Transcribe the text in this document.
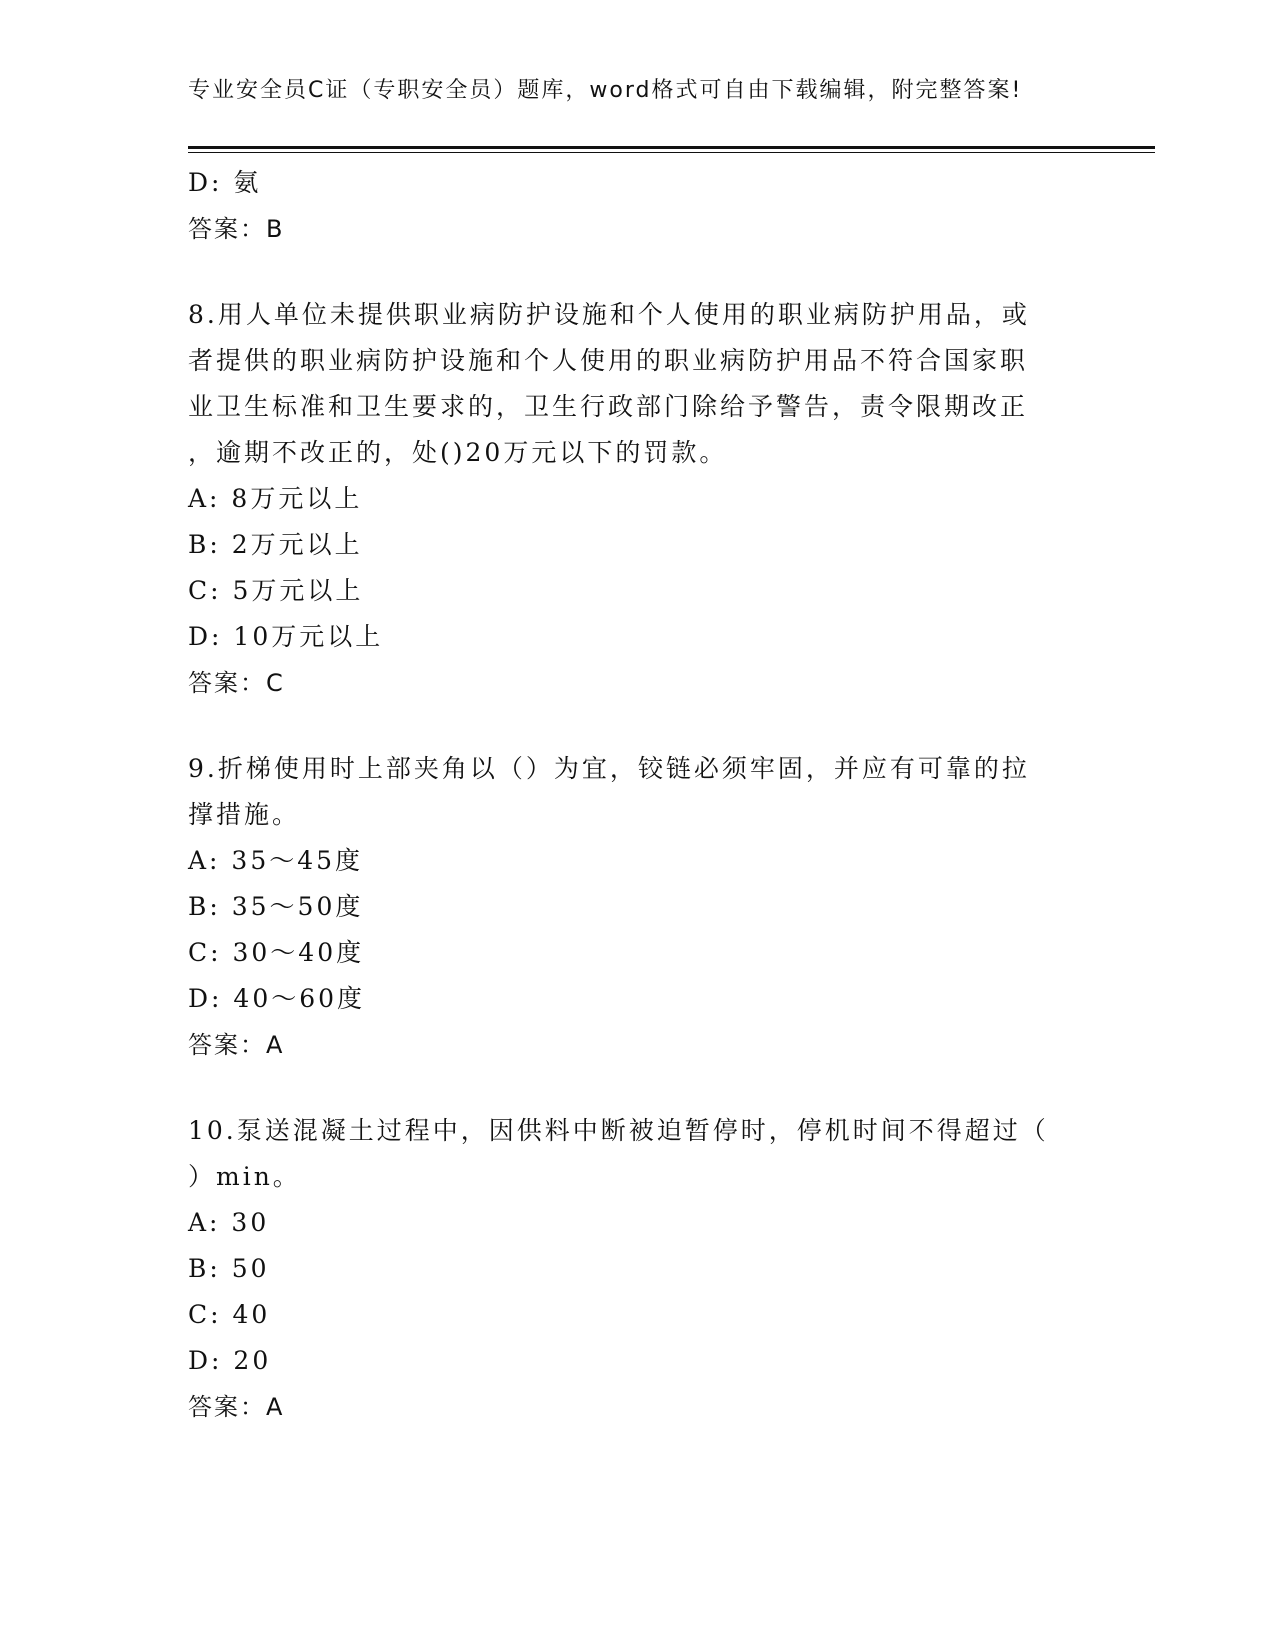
专业安全员C证（专职安全员）题库，word格式可自由下载编辑，附完整答案!
D: 氨
答案：B
8.用人单位未提供职业病防护设施和个人使用的职业病防护用品，或
者提供的职业病防护设施和个人使用的职业病防护用品不符合国家职
业卫生标准和卫生要求的，卫生行政部门除给予警告，责令限期改正
，逾期不改正的，处()20万元以下的罚款。
A: 8万元以上
B: 2万元以上
C: 5万元以上
D: 10万元以上
答案：C
9.折梯使用时上部夹角以（）为宜，铰链必须牢固，并应有可靠的拉
撑措施。
A: 35～45度
B: 35～50度
C: 30～40度
D: 40～60度
答案：A
10.泵送混凝土过程中，因供料中断被迫暂停时，停机时间不得超过（
）min。
A: 30
B: 50
C: 40
D: 20
答案：A
